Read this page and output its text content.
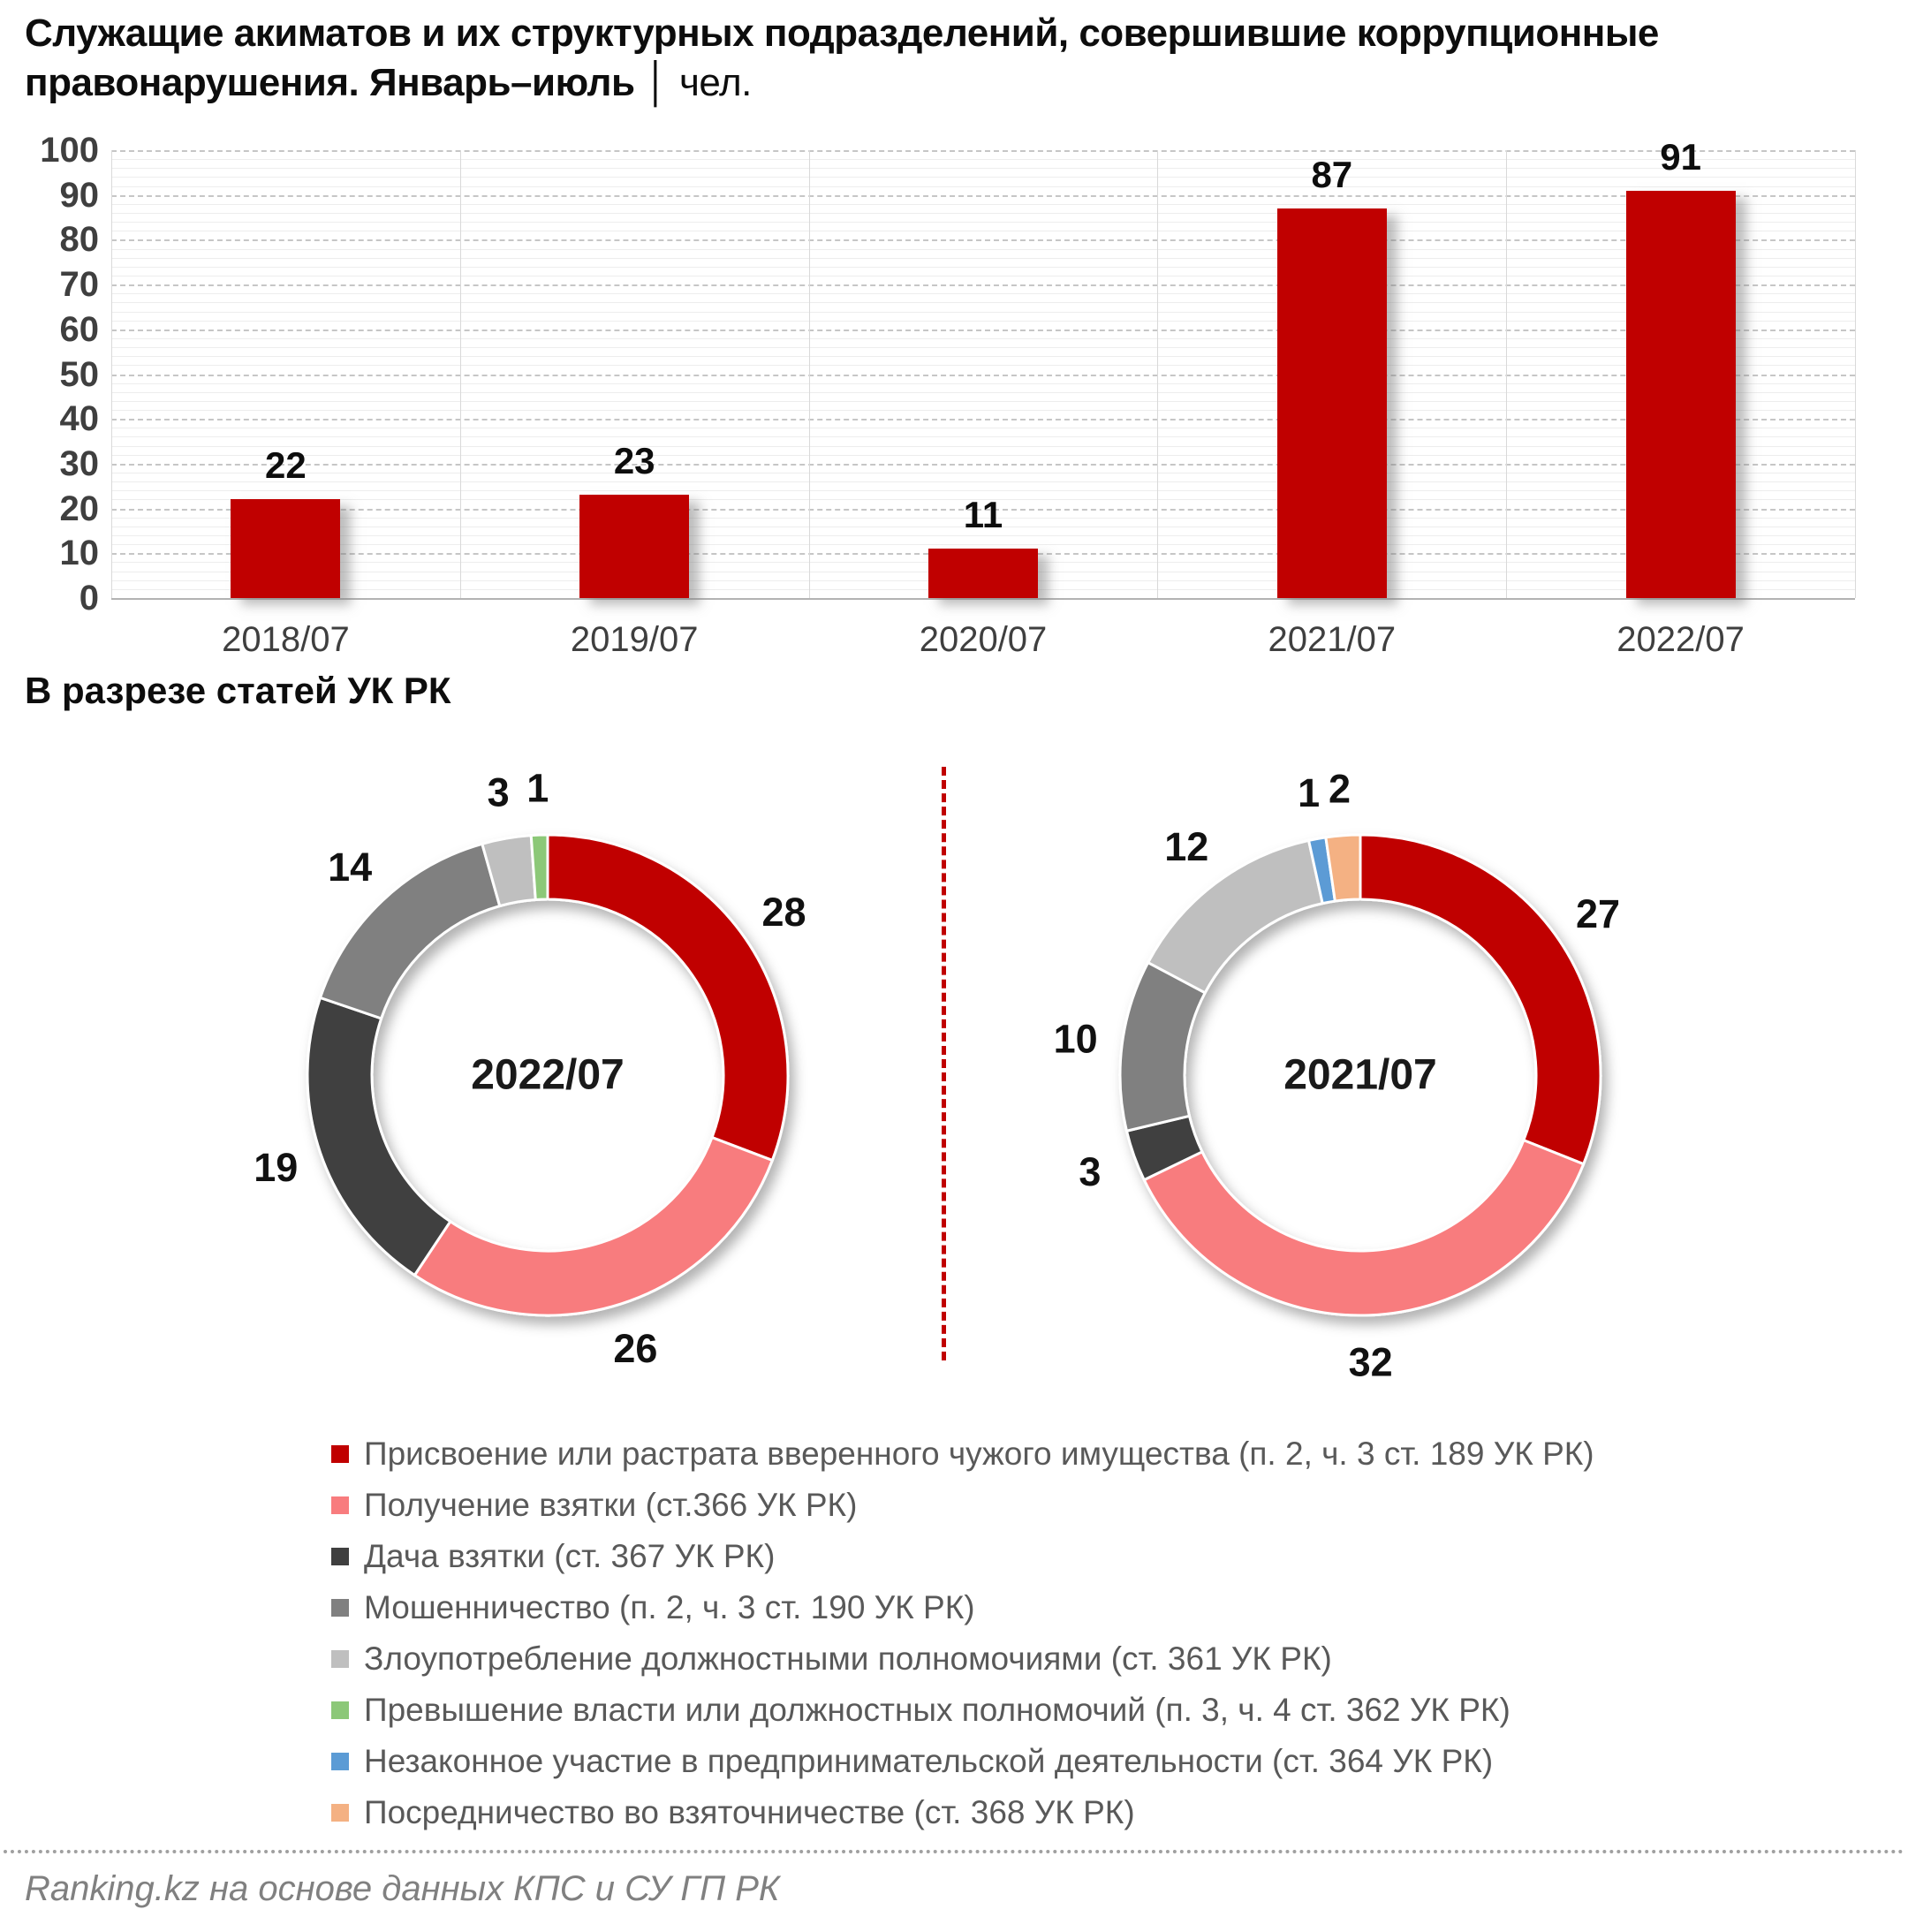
Служащие акиматов и их структурных подразделений, совершившие коррупционные
правонарушения. Январь–июль │ чел.
0
10
20
30
40
50
60
70
80
90
100
22
2018/07
23
2019/07
11
2020/07
87
2021/07
91
2022/07
В разрезе статей УК РК
28
26
19
14
3 1
2022/07
27
32
3
10
12
1 2
2021/07
Присвоение или растрата вверенного чужого имущества (п. 2, ч. 3 ст. 189 УК РК)
Получение взятки (ст.366 УК РК)
Дача взятки (ст. 367 УК РК)
Мошенничество (п. 2, ч. 3 ст. 190 УК РК)
Злоупотребление должностными полномочиями (ст. 361 УК РК)
Превышение власти или должностных полномочий (п. 3, ч. 4 ст. 362 УК РК)
Незаконное участие в предпринимательской деятельности (ст. 364 УК РК)
Посредничество во взяточничестве (ст. 368 УК РК)
Ranking.kz на основе данных КПС и СУ ГП РК
